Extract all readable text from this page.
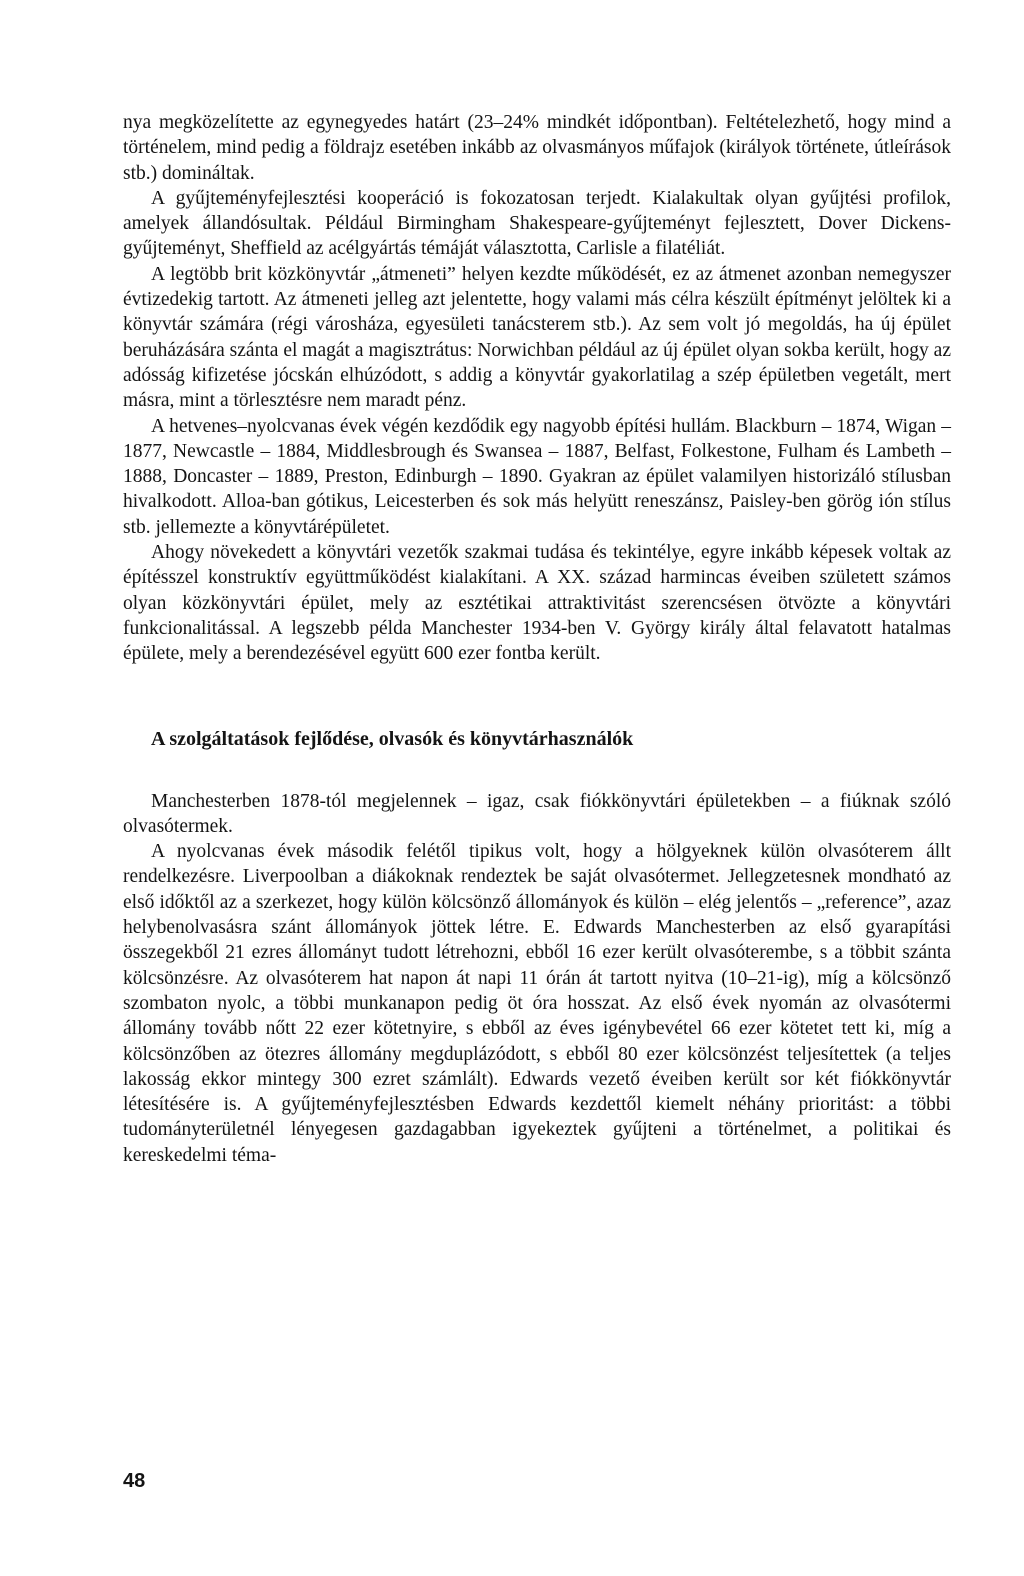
nya megközelítette az egynegyedes határt (23–24% mindkét időpontban). Feltételezhető, hogy mind a történelem, mind pedig a földrajz esetében inkább az olvasmányos műfajok (királyok története, útleírások stb.) domináltak.

A gyűjteményfejlesztési kooperáció is fokozatosan terjedt. Kialakultak olyan gyűjtési profilok, amelyek állandósultak. Például Birmingham Shakespeare-gyűjteményt fejlesztett, Dover Dickens-gyűjteményt, Sheffield az acélgyártás témáját választotta, Carlisle a filatéliát.

A legtöbb brit közkönyvtár „átmeneti” helyen kezdte működését, ez az átmenet azonban nemegyszer évtizedekig tartott. Az átmeneti jelleg azt jelentette, hogy valami más célra készült építményt jelöltek ki a könyvtár számára (régi városháza, egyesületi tanácsterem stb.). Az sem volt jó megoldás, ha új épület beruházására szánta el magát a magisztrátus: Norwichban például az új épület olyan sokba került, hogy az adósság kifizetése jócskán elhúzódott, s addig a könyvtár gyakorlatilag a szép épületben vegetált, mert másra, mint a törlesztésre nem maradt pénz.

A hetvenes–nyolcvanas évek végén kezdődik egy nagyobb építési hullám. Blackburn – 1874, Wigan – 1877, Newcastle – 1884, Middlesbrough és Swansea – 1887, Belfast, Folkestone, Fulham és Lambeth – 1888, Doncaster – 1889, Preston, Edinburgh – 1890. Gyakran az épület valamilyen historizáló stílusban hivalkodott. Alloa-ban gótikus, Leicesterben és sok más helyütt reneszánsz, Paisley-ben görög ión stílus stb. jellemezte a könyvtárépületet.

Ahogy növekedett a könyvtári vezetők szakmai tudása és tekintélye, egyre inkább képesek voltak az építésszel konstruktív együttműködést kialakítani. A XX. század harmincas éveiben született számos olyan közkönyvtári épület, mely az esztétikai attraktivitást szerencsésen ötvözte a könyvtári funkcionalitással. A legszebb példa Manchester 1934-ben V. György király által felavatott hatalmas épülete, mely a berendezésével együtt 600 ezer fontba került.

A szolgáltatások fejlődése, olvasók és könyvtárhasználók

Manchesterben 1878-tól megjelennek – igaz, csak fiókkönyvtári épületekben – a fiúknak szóló olvasótermek.

A nyolcvanas évek második felétől tipikus volt, hogy a hölgyeknek külön olvasóterem állt rendelkezésre. Liverpoolban a diákoknak rendeztek be saját olvasótermet. Jellegzetesnek mondható az első időktől az a szerkezet, hogy külön kölcsönző állományok és külön – elég jelentős – „reference”, azaz helybenolvasásra szánt állományok jöttek létre. E. Edwards Manchesterben az első gyarapítási összegekből 21 ezres állományt tudott létrehozni, ebből 16 ezer került olvasóterembe, s a többit szánta kölcsönzésre. Az olvasóterem hat napon át napi 11 órán át tartott nyitva (10–21-ig), míg a kölcsönző szombaton nyolc, a többi munkanapon pedig öt óra hosszat. Az első évek nyomán az olvasótermi állomány tovább nőtt 22 ezer kötetnyire, s ebből az éves igénybevétel 66 ezer kötetet tett ki, míg a kölcsönzőben az ötezres állomány megduplázódott, s ebből 80 ezer kölcsönzést teljesítettek (a teljes lakosság ekkor mintegy 300 ezret számlált). Edwards vezető éveiben került sor két fiókkönyvtár létesítésére is. A gyűjteményfejlesztésben Edwards kezdettől kiemelt néhány prioritást: a többi tudományterületnél lényegesen gazdagabban igyekeztek gyűjteni a történelmet, a politikai és kereskedelmi téma-

48
